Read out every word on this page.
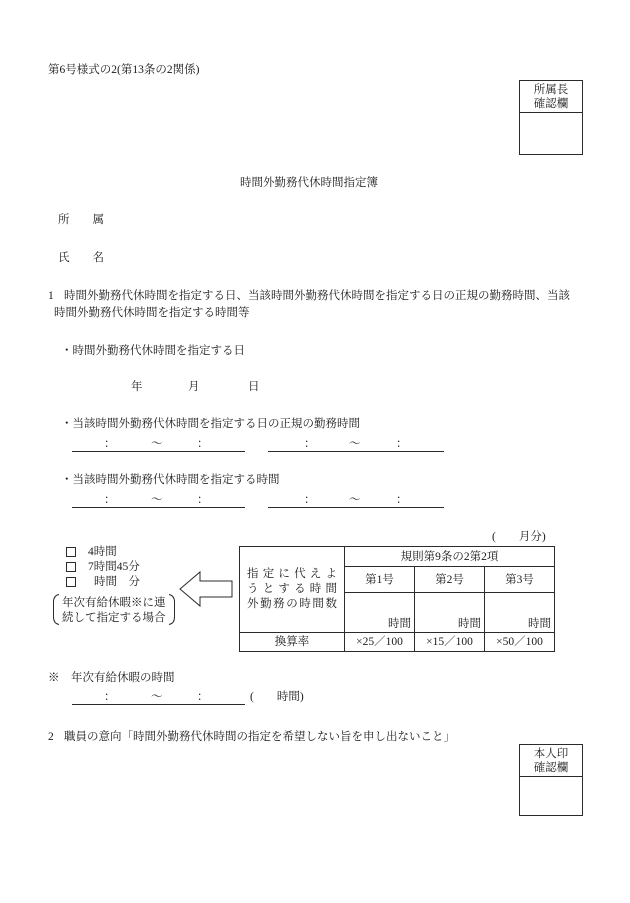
第6号様式の2(第13条の2関係)
所属長
確認欄
時間外勤務代休時間指定簿
所　　属
氏　　名
1 時間外勤務代休時間を指定する日、当該時間外勤務代休時間を指定する日の正規の勤務時間、当該
時間外勤務代休時間を指定する時間等
・時間外勤務代休時間を指定する日
年	月	日
・当該時間外勤務代休時間を指定する日の正規の勤務時間
：	〜	：	：	〜	：
・当該時間外勤務代休時間を指定する時間
：	〜	：	：	〜	：
(　　月分)
4時間
7時間45分
時間　分
年次有給休暇※に連
続して指定する場合
指定に代えよ
うとする時間
外勤務の時間数	規則第9条の2第2項		
	第1号	第2号	第3号
	時間	時間	時間
換算率	×25／100	×15／100	×50／100
※　年次有給休暇の時間
：	〜	：	(　　時間)
2 職員の意向「時間外勤務代休時間の指定を希望しない旨を申し出ないこと」
本人印
確認欄
